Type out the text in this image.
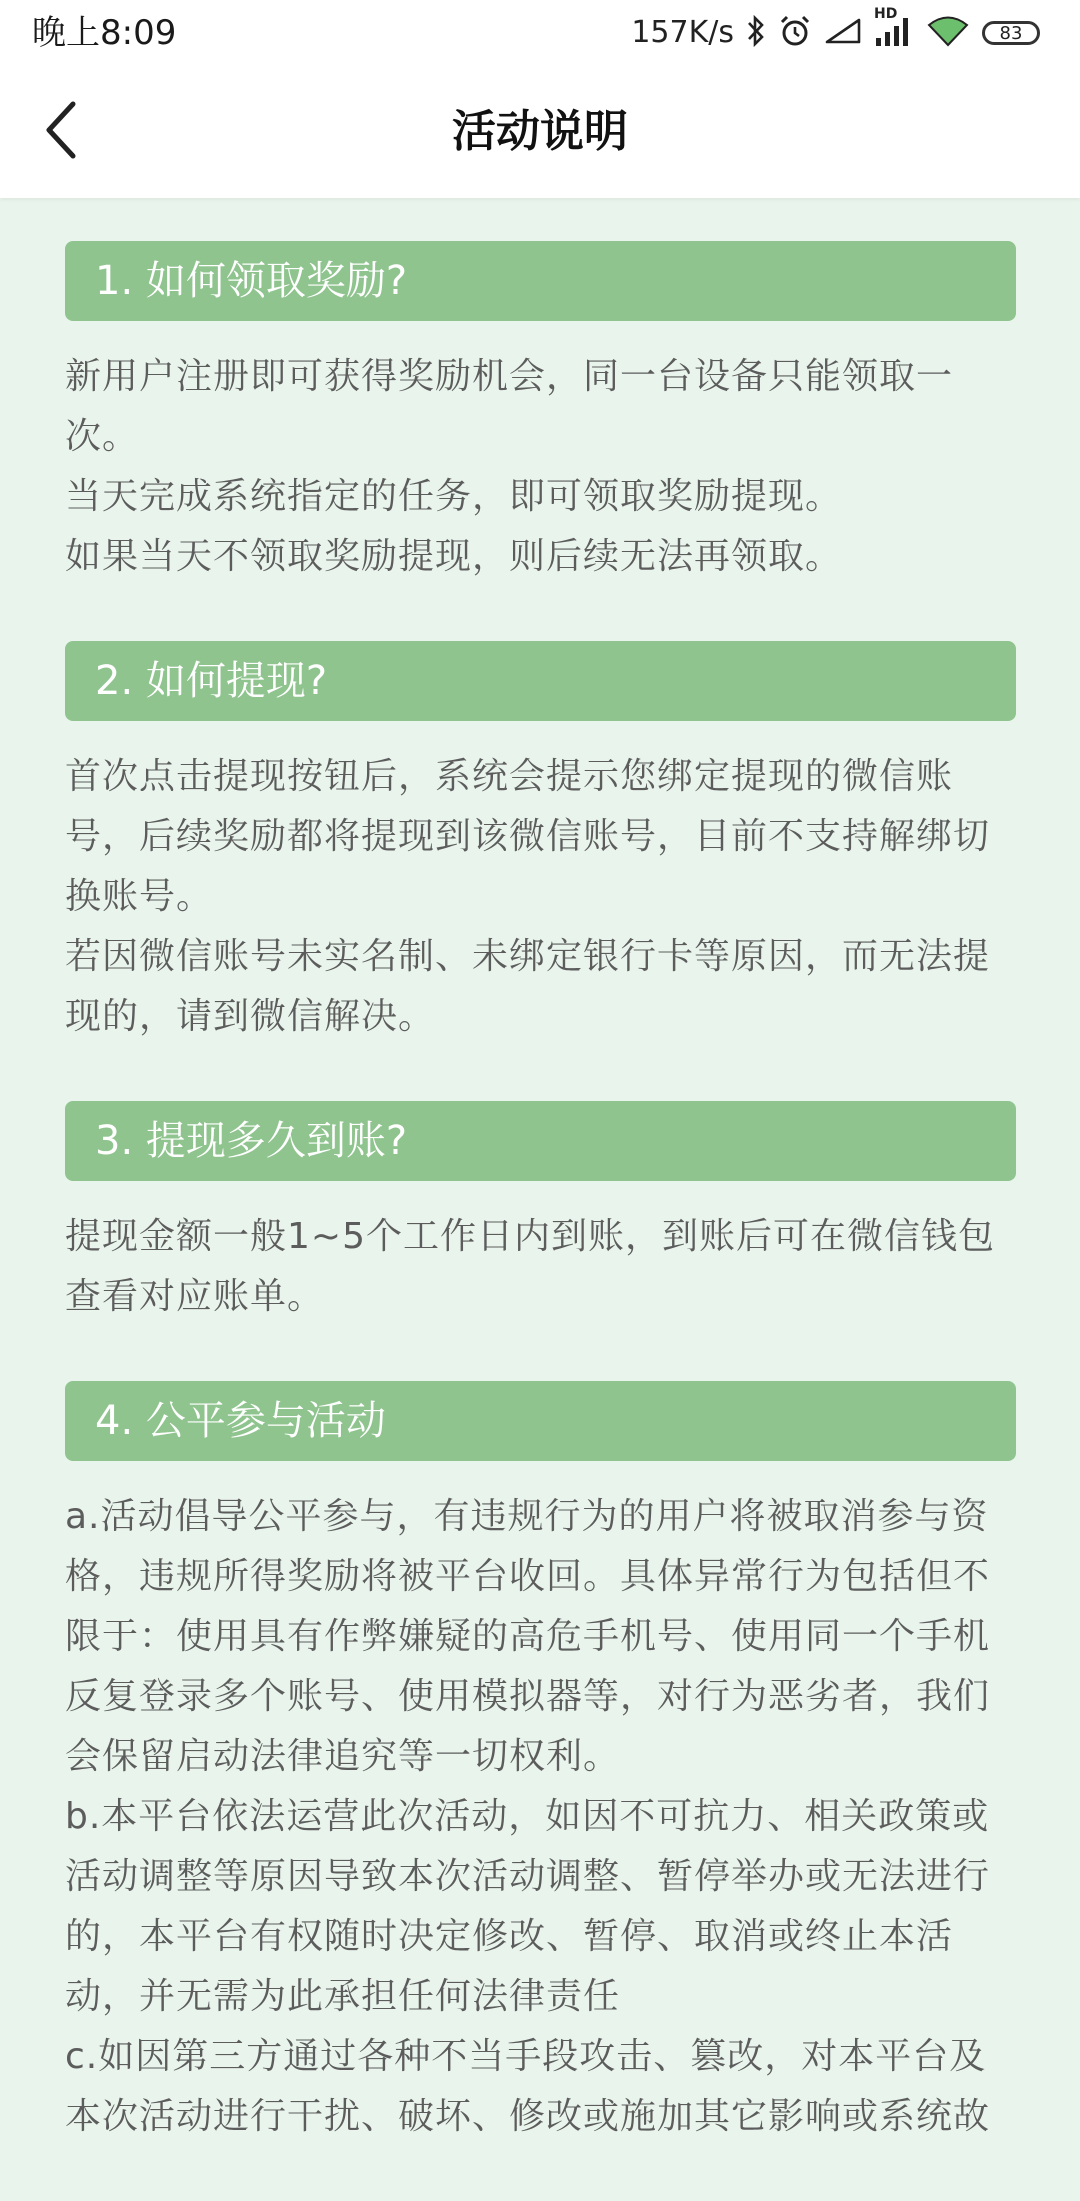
晚上8:09	157K/s
HD
83
活动说明
1. 如何领取奖励?

新用户注册即可获得奖励机会，同一台设备只能领取一次。

当天完成系统指定的任务，即可领取奖励提现。

如果当天不领取奖励提现，则后续无法再领取。

2. 如何提现?

首次点击提现按钮后，系统会提示您绑定提现的微信账号，后续奖励都将提现到该微信账号，目前不支持解绑切换账号。

若因微信账号未实名制、未绑定银行卡等原因，而无法提现的，请到微信解决。

3. 提现多久到账?

提现金额一般1~5个工作日内到账，到账后可在微信钱包查看对应账单。

4. 公平参与活动

a.活动倡导公平参与，有违规行为的用户将被取消参与资格，违规所得奖励将被平台收回。具体异常行为包括但不限于：使用具有作弊嫌疑的高危手机号、使用同一个手机反复登录多个账号、使用模拟器等，对行为恶劣者，我们会保留启动法律追究等一切权利。

b.本平台依法运营此次活动，如因不可抗力、相关政策或活动调整等原因导致本次活动调整、暂停举办或无法进行的，本平台有权随时决定修改、暂停、取消或终止本活动，并无需为此承担任何法律责任

c.如因第三方通过各种不当手段攻击、篡改，对本平台及本次活动进行干扰、破坏、修改或施加其它影响或系统故
